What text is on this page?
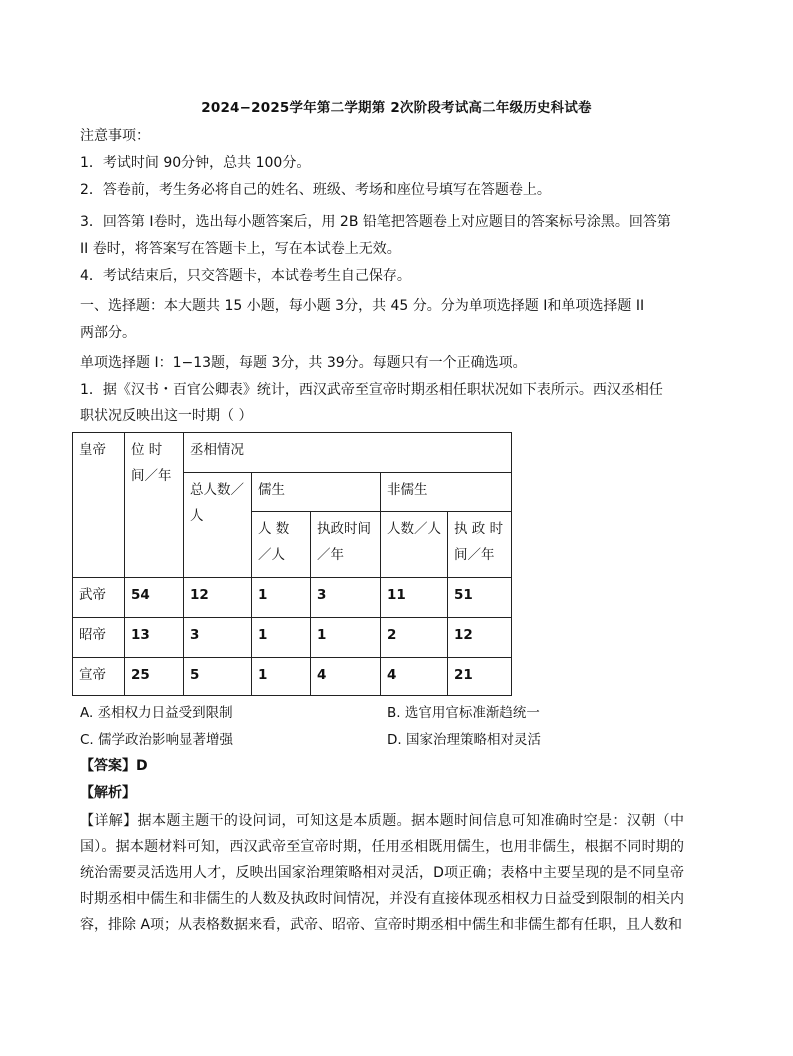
2024−2025学年第二学期第 2次阶段考试高二年级历史科试卷
注意事项：
1．考试时间 90分钟，总共 100分。
2．答卷前，考生务必将自己的姓名、班级、考场和座位号填写在答题卷上。
3．回答第 I卷时，选出每小题答案后，用 2B 铅笔把答题卷上对应题目的答案标号涂黑。回答第
II 卷时，将答案写在答题卡上，写在本试卷上无效。
4．考试结束后，只交答题卡，本试卷考生自己保存。
一、选择题：本大题共 15 小题，每小题 3分，共 45 分。分为单项选择题 I和单项选择题 II
两部分。
单项选择题 I：1−13题，每题 3分，共 39分。每题只有一个正确选项。
1．据《汉书・百官公卿表》统计，西汉武帝至宣帝时期丞相任职状况如下表所示。西汉丞相任
职状况反映出这一时期（ ）
皇帝	位 时 间／年	丞相情况				
		总人数／人	儒生		非儒生	
			人 数 ／人	执政时间／年	人数／人	执 政 时间／年
武帝	54	12	1	3	11	51
昭帝	13	3	1	1	2	12
宣帝	25	5	1	4	4	21
A. 丞相权力日益受到限制	B. 选官用官标准渐趋统一
C. 儒学政治影响显著增强	D. 国家治理策略相对灵活
【答案】D
【解析】
【详解】据本题主题干的设问词，可知这是本质题。据本题时间信息可知准确时空是：汉朝（中国）。据本题材料可知，西汉武帝至宣帝时期，任用丞相既用儒生，也用非儒生，根据不同时期的统治需要灵活选用人才，反映出国家治理策略相对灵活，D项正确；表格中主要呈现的是不同皇帝时期丞相中儒生和非儒生的人数及执政时间情况，并没有直接体现丞相权力日益受到限制的相关内容，排除 A项；从表格数据来看，武帝、昭帝、宣帝时期丞相中儒生和非儒生都有任职，且人数和
